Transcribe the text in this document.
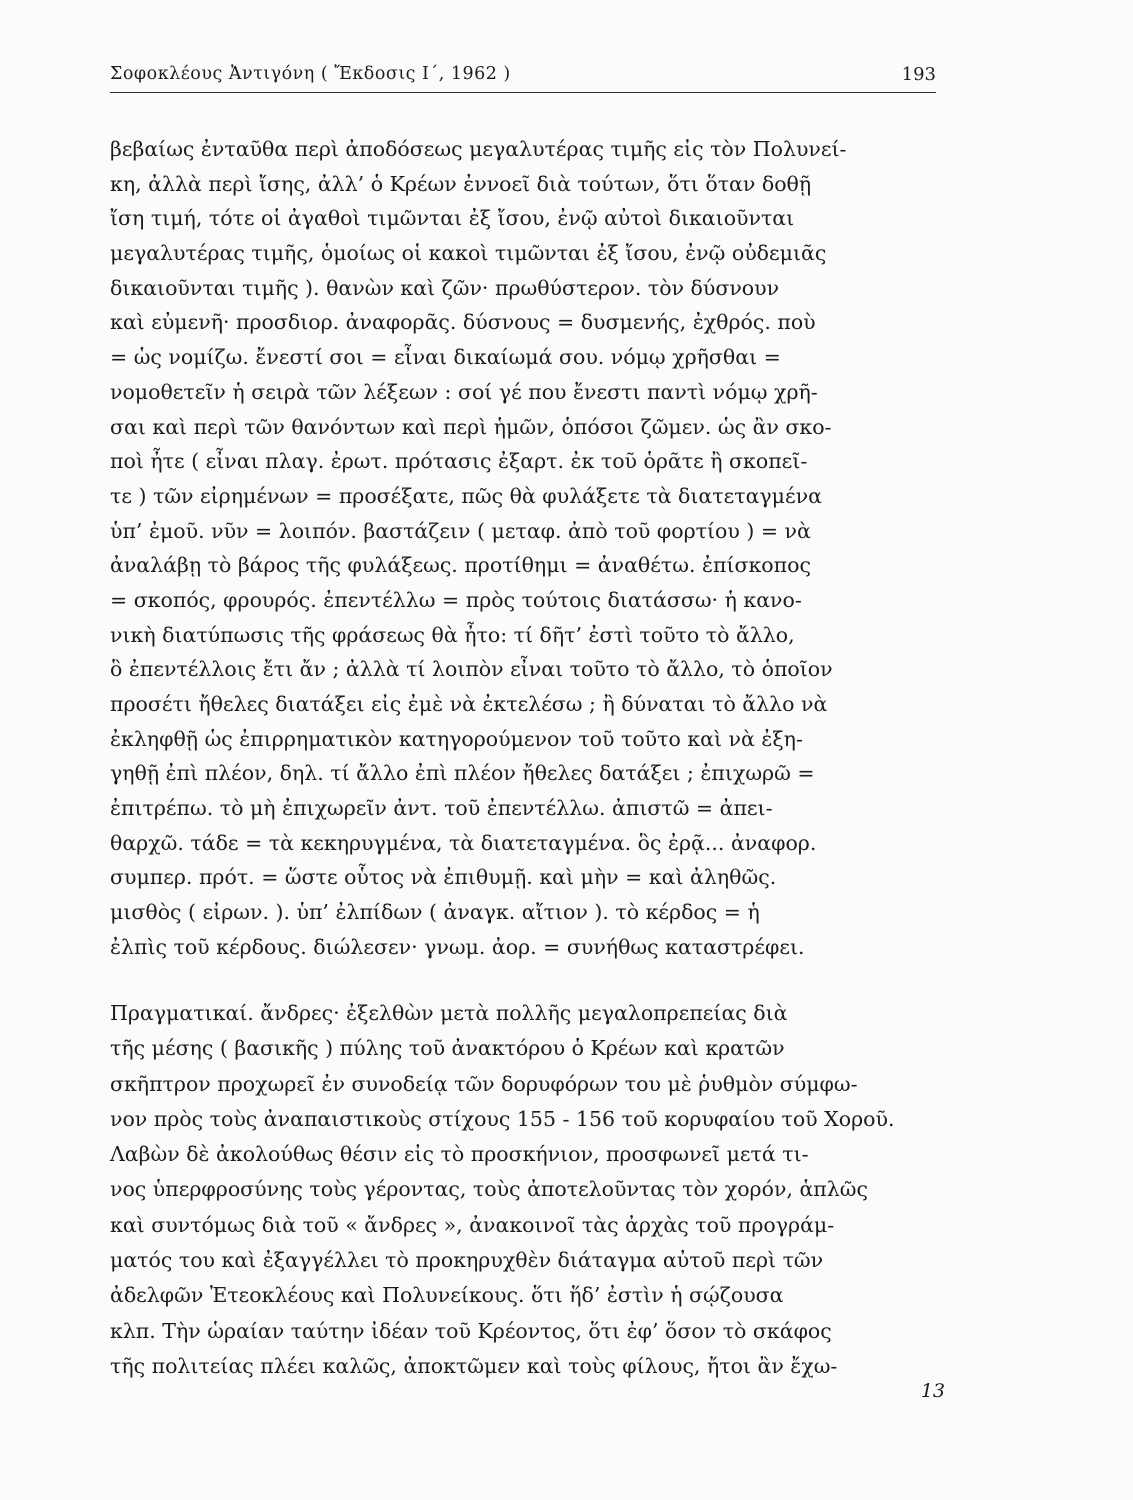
Σοφοκλέους Ἀντιγόνη ( Ἔκδοσις Ι΄, 1962 )	193
βεβαίως ἐνταῦθα περὶ ἀποδόσεως μεγαλυτέρας τιμῆς εἰς τὸν Πολυνεί-
κη, ἀλλὰ περὶ ἴσης, ἀλλ’ ὁ Κρέων ἐννοεῖ διὰ τούτων, ὅτι ὅταν δοθῇ
ἴση τιμή, τότε οἱ ἀγαθοὶ τιμῶνται ἐξ ἴσου, ἐνῷ αὐτοὶ δικαιοῦνται
μεγαλυτέρας τιμῆς, ὁμοίως οἱ κακοὶ τιμῶνται ἐξ ἴσου, ἐνῷ οὐδεμιᾶς
δικαιοῦνται τιμῆς ). θανὼν καὶ ζῶν· πρωθύστερον. τὸν δύσνουν
καὶ εὐμενῆ· προσδιορ. ἀναφορᾶς. δύσνους = δυσμενής, ἐχθρός. ποὺ
= ὡς νομίζω. ἔνεστί σοι = εἶναι δικαίωμά σου. νόμῳ χρῆσθαι =
νομοθετεῖν ἡ σειρὰ τῶν λέξεων : σοί γέ που ἔνεστι παντὶ νόμῳ χρῆ-
σαι καὶ περὶ τῶν θανόντων καὶ περὶ ἡμῶν, ὁπόσοι ζῶμεν. ὡς ἂν σκο-
ποὶ ἦτε ( εἶναι πλαγ. ἐρωτ. πρότασις ἐξαρτ. ἐκ τοῦ ὁρᾶτε ἢ σκοπεῖ-
τε ) τῶν εἰρημένων = προσέξατε, πῶς θὰ φυλάξετε τὰ διατεταγμένα
ὑπ’ ἐμοῦ. νῦν = λοιπόν. βαστάζειν ( μεταφ. ἀπὸ τοῦ φορτίου ) = νὰ
ἀναλάβῃ τὸ βάρος τῆς φυλάξεως. προτίθημι = ἀναθέτω. ἐπίσκοπος
= σκοπός, φρουρός. ἐπεντέλλω = πρὸς τούτοις διατάσσω· ἡ κανο-
νικὴ διατύπωσις τῆς φράσεως θὰ ἦτο: τί δῆτ’ ἐστὶ τοῦτο τὸ ἄλλο,
ὃ ἐπεντέλλοις ἔτι ἄν ; ἀλλὰ τί λοιπὸν εἶναι τοῦτο τὸ ἄλλο, τὸ ὁποῖον
προσέτι ἤθελες διατάξει εἰς ἐμὲ νὰ ἐκτελέσω ; ἢ δύναται τὸ ἄλλο νὰ
ἐκληφθῇ ὡς ἐπιρρηματικὸν κατηγορούμενον τοῦ τοῦτο καὶ νὰ ἐξη-
γηθῇ ἐπὶ πλέον, δηλ. τί ἄλλο ἐπὶ πλέον ἤθελες δατάξει ; ἐπιχωρῶ =
ἐπιτρέπω. τὸ μὴ ἐπιχωρεῖν ἀντ. τοῦ ἐπεντέλλω. ἀπιστῶ = ἀπει-
θαρχῶ. τάδε = τὰ κεκηρυγμένα, τὰ διατεταγμένα. ὃς ἐρᾷ... ἀναφορ.
συμπερ. πρότ. = ὥστε οὗτος νὰ ἐπιθυμῇ. καὶ μὴν = καὶ ἀληθῶς.
μισθὸς ( εἰρων. ). ὑπ’ ἐλπίδων ( ἀναγκ. αἴτιον ). τὸ κέρδος = ἡ
ἐλπὶς τοῦ κέρδους. διώλεσεν· γνωμ. ἀορ. = συνήθως καταστρέφει.
Πραγματικαί. ἄνδρες· ἐξελθὼν μετὰ πολλῆς μεγαλοπρεπείας διὰ
τῆς μέσης ( βασικῆς ) πύλης τοῦ ἀνακτόρου ὁ Κρέων καὶ κρατῶν
σκῆπτρον προχωρεῖ ἐν συνοδείᾳ τῶν δορυφόρων του μὲ ῥυθμὸν σύμφω-
νον πρὸς τοὺς ἀναπαιστικοὺς στίχους 155 - 156 τοῦ κορυφαίου τοῦ Χοροῦ.
Λαβὼν δὲ ἀκολούθως θέσιν εἰς τὸ προσκήνιον, προσφωνεῖ μετά τι-
νος ὑπερφροσύνης τοὺς γέροντας, τοὺς ἀποτελοῦντας τὸν χορόν, ἁπλῶς
καὶ συντόμως διὰ τοῦ « ἄνδρες », ἀνακοινοῖ τὰς ἀρχὰς τοῦ προγράμ-
ματός του καὶ ἐξαγγέλλει τὸ προκηρυχθὲν διάταγμα αὐτοῦ περὶ τῶν
ἀδελφῶν Ἐτεοκλέους καὶ Πολυνείκους. ὅτι ἥδ’ ἐστὶν ἡ σῴζουσα
κλπ. Τὴν ὡραίαν ταύτην ἰδέαν τοῦ Κρέοντος, ὅτι ἐφ’ ὅσον τὸ σκάφος
τῆς πολιτείας πλέει καλῶς, ἀποκτῶμεν καὶ τοὺς φίλους, ἤτοι ἂν ἔχω-
13
